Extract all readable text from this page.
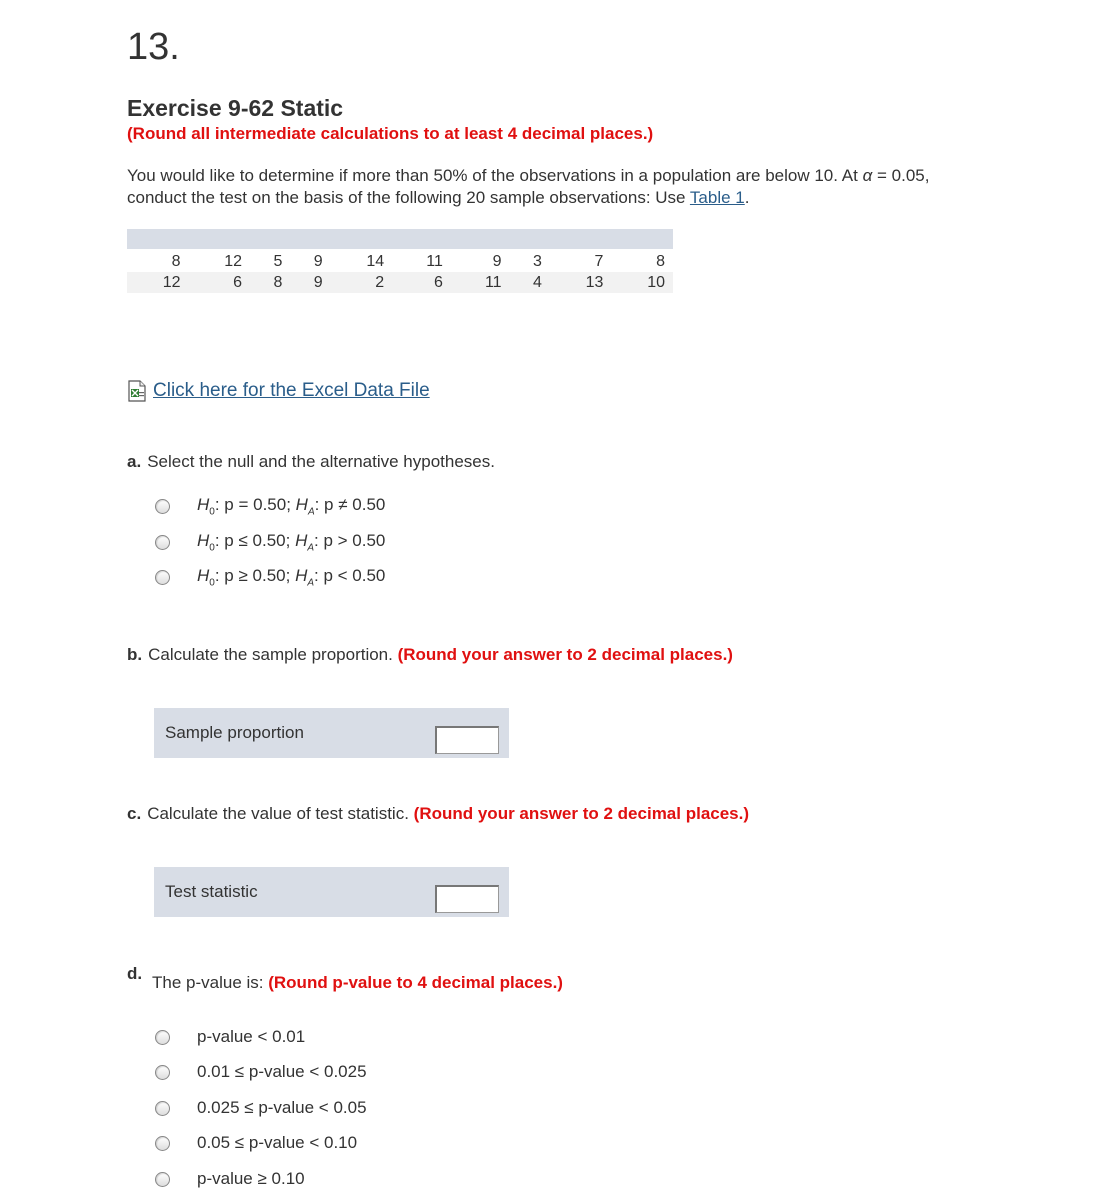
13.
Exercise 9-62 Static
(Round all intermediate calculations to at least 4 decimal places.)
You would like to determine if more than 50% of the observations in a population are below 10. At α = 0.05, conduct the test on the basis of the following 20 sample observations: Use Table 1.

8	12	5	9	14	11	9	3	7	8
12	6	8	9	2	6	11	4	13	10
Click here for the Excel Data File
a. Select the null and the alternative hypotheses.
$H_0$: p = 0.50; $H_A$: p ≠ 0.50
$H_0$: p ≤ 0.50; $H_A$: p > 0.50
$H_0$: p ≥ 0.50; $H_A$: p < 0.50
b. Calculate the sample proportion. (Round your answer to 2 decimal places.)
Sample proportion
c. Calculate the value of test statistic. (Round your answer to 2 decimal places.)
Test statistic
d. The p-value is: (Round p-value to 4 decimal places.)
p-value < 0.01
0.01 ≤ p-value < 0.025
0.025 ≤ p-value < 0.05
0.05 ≤ p-value < 0.10
p-value ≥ 0.10
